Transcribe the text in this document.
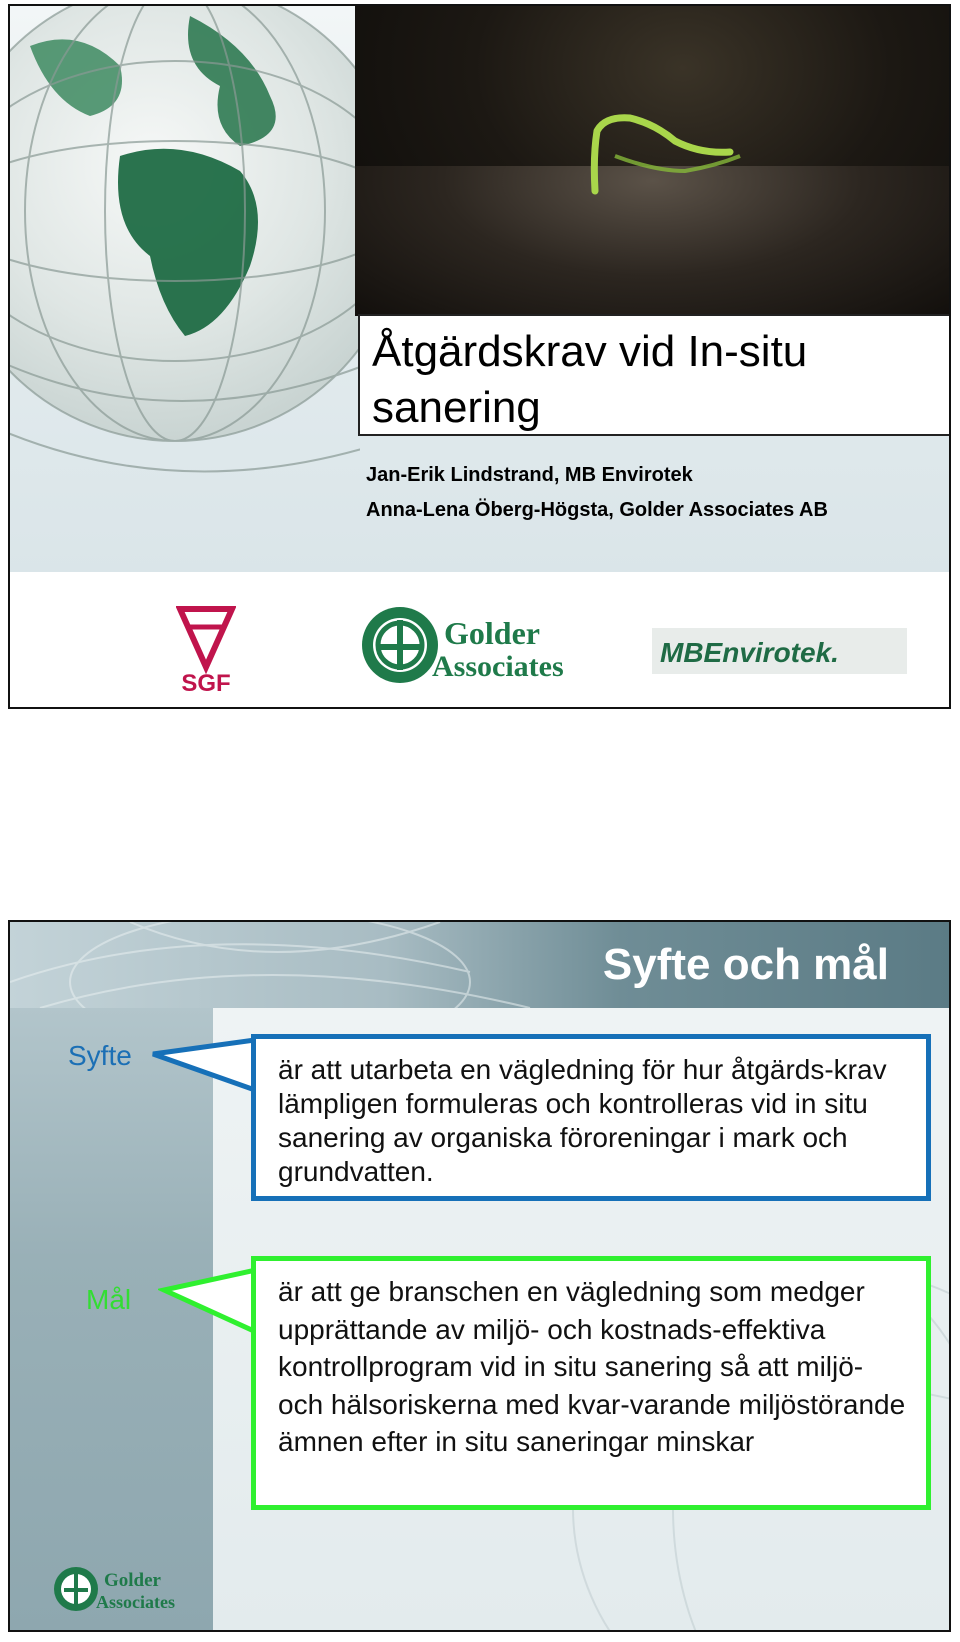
Åtgärdskrav vid In-situ sanering
Jan-Erik Lindstrand, MB Envirotek
Anna-Lena Öberg-Högsta, Golder Associates AB
SGF
Golder
Associates	MBEnvirotek.
Syfte och mål
Syfte
Mål

är att utarbeta en vägledning för hur åtgärds-krav lämpligen formuleras och kontrolleras vid in situ sanering av organiska föroreningar i mark och grundvatten.

är att ge branschen en vägledning som medger upprättande av miljö- och kostnads-effektiva kontrollprogram vid in situ sanering så att miljö- och hälsoriskerna med kvar-varande miljöstörande ämnen efter in situ saneringar minskar

Golder
Associates
